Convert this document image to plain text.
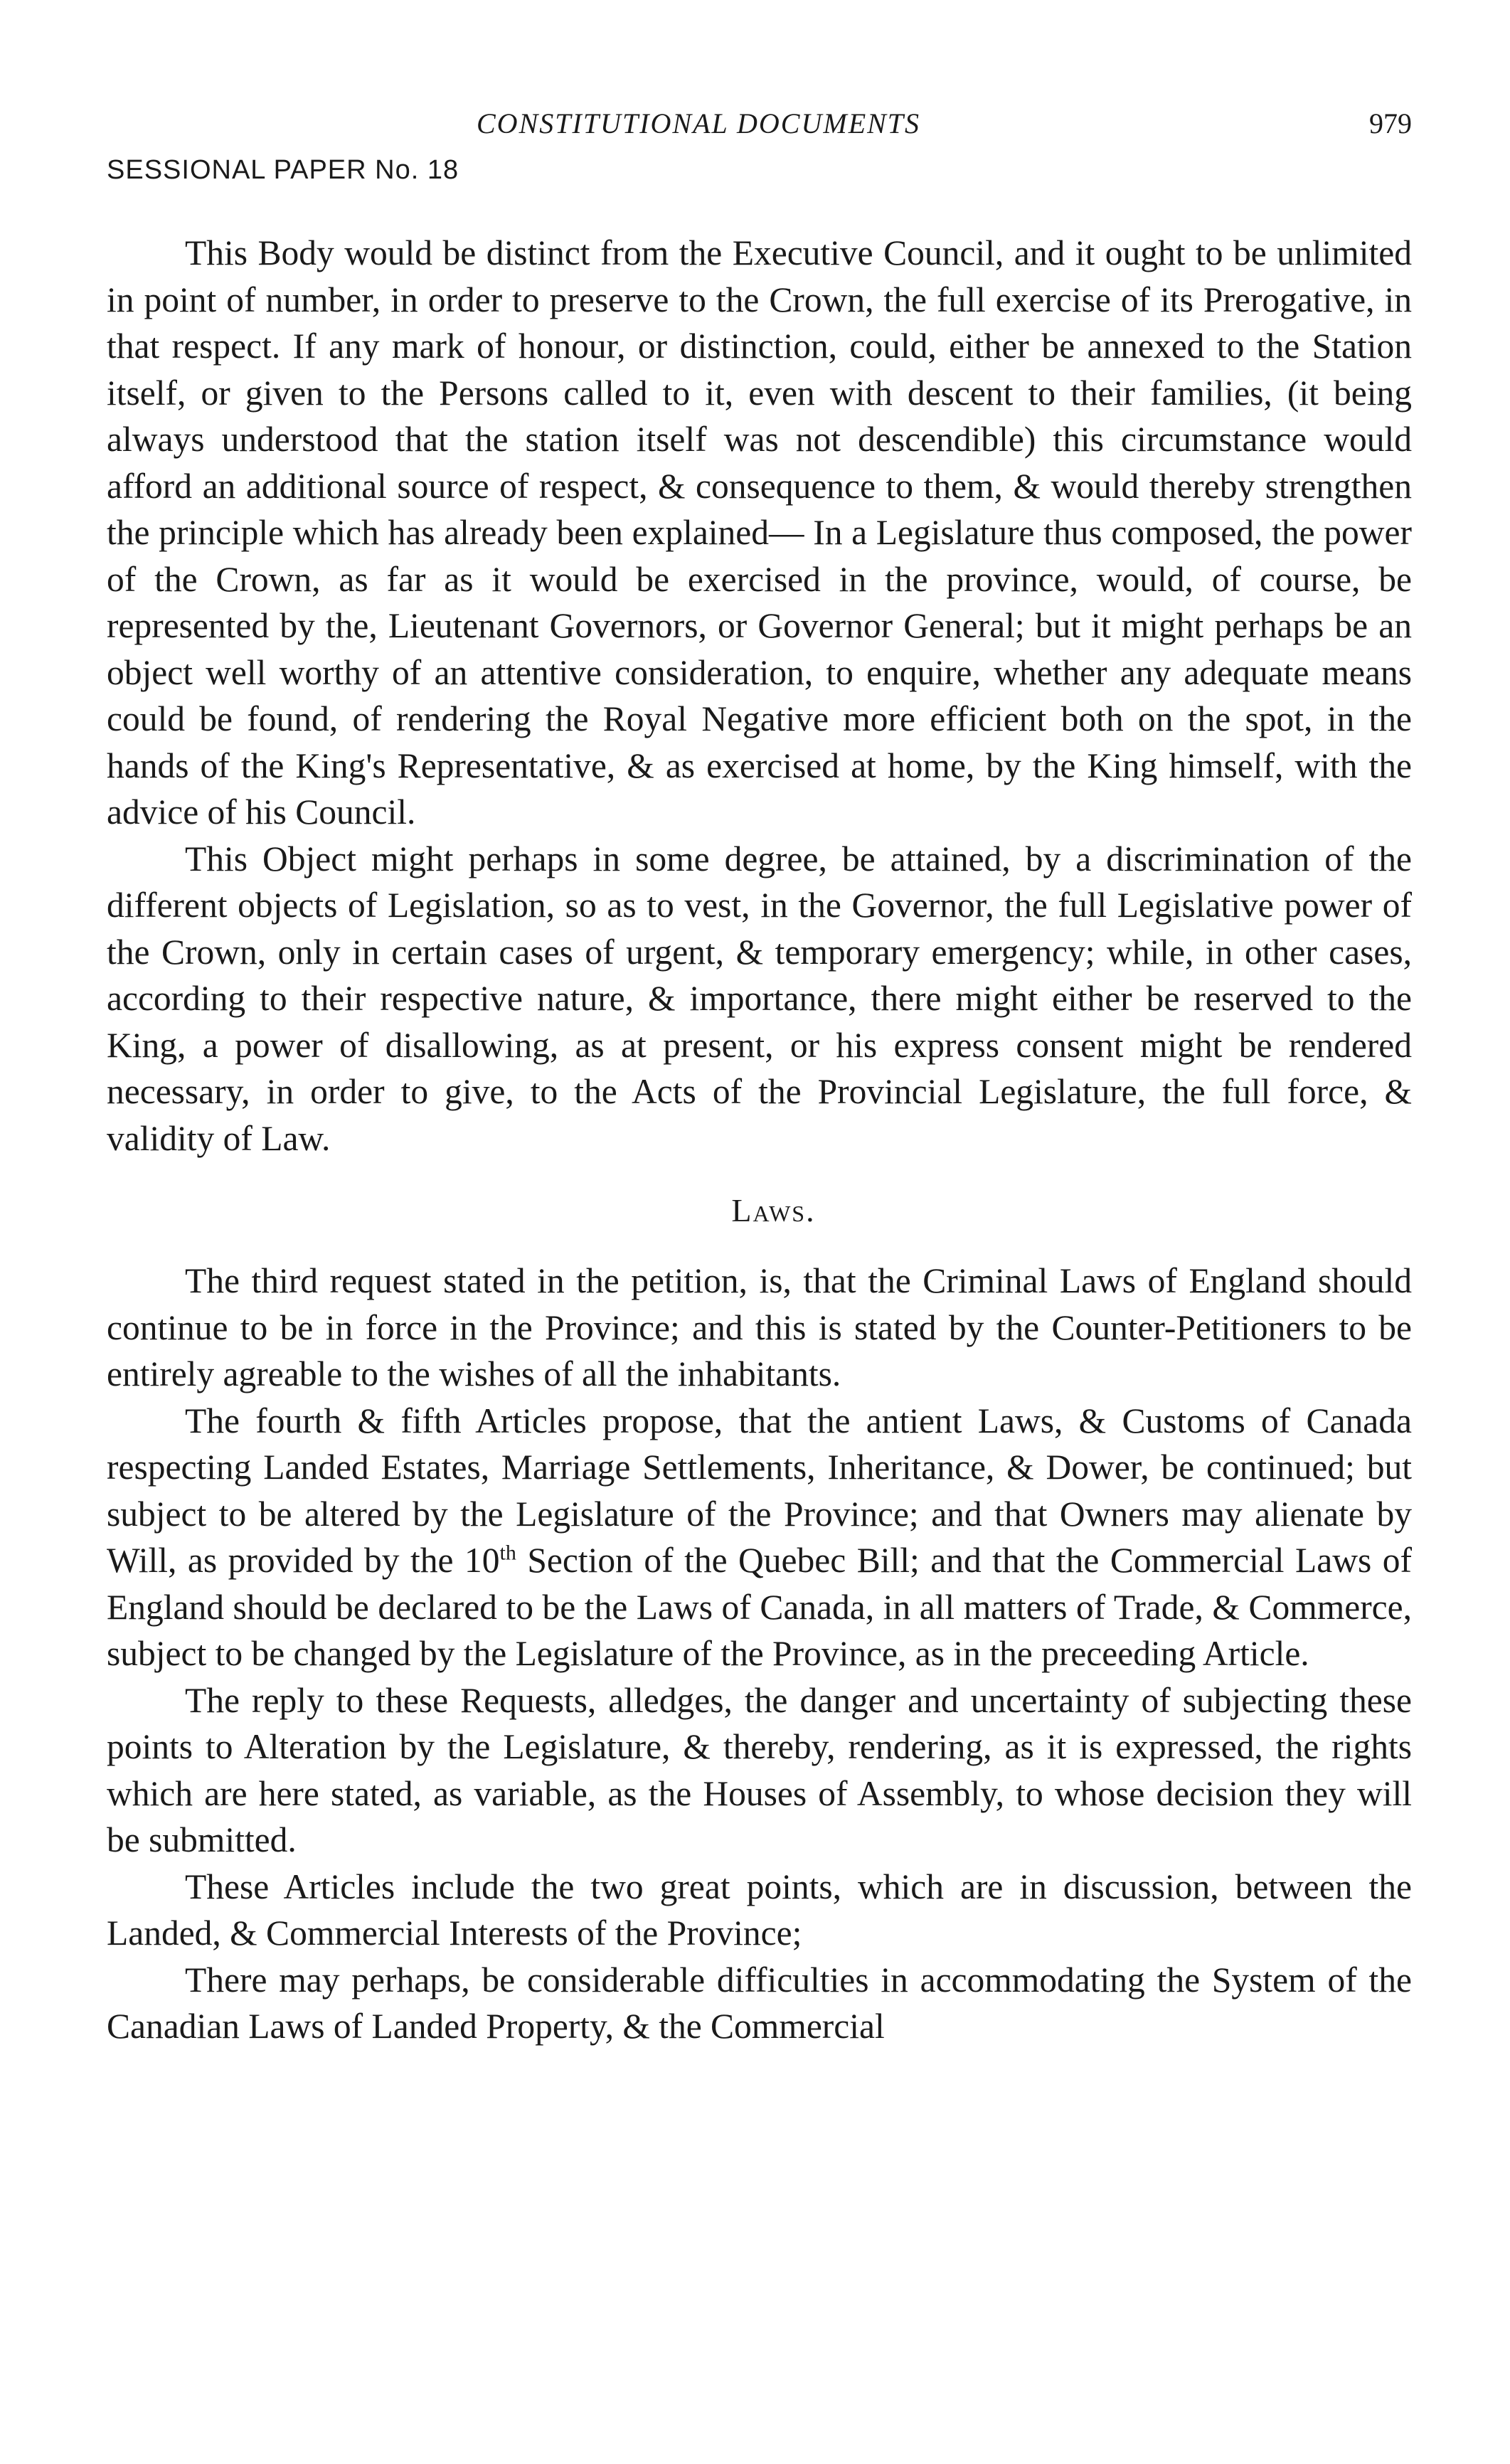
CONSTITUTIONAL DOCUMENTS	979
SESSIONAL PAPER No. 18

This Body would be distinct from the Executive Council, and it ought to be unlimited in point of number, in order to preserve to the Crown, the full exercise of its Prerogative, in that respect. If any mark of honour, or distinction, could, either be annexed to the Station itself, or given to the Persons called to it, even with descent to their families, (it being always understood that the station itself was not descendible) this circumstance would afford an additional source of respect, & consequence to them, & would thereby strengthen the principle which has already been explained— In a Legislature thus composed, the power of the Crown, as far as it would be exercised in the province, would, of course, be represented by the, Lieutenant Governors, or Governor General; but it might perhaps be an object well worthy of an attentive consideration, to enquire, whether any adequate means could be found, of rendering the Royal Negative more efficient both on the spot, in the hands of the King's Representative, & as exercised at home, by the King himself, with the advice of his Council.

This Object might perhaps in some degree, be attained, by a discrimination of the different objects of Legislation, so as to vest, in the Governor, the full Legislative power of the Crown, only in certain cases of urgent, & temporary emergency; while, in other cases, according to their respective nature, & importance, there might either be reserved to the King, a power of disallowing, as at present, or his express consent might be rendered necessary, in order to give, to the Acts of the Provincial Legislature, the full force, & validity of Law.

Laws.

The third request stated in the petition, is, that the Criminal Laws of England should continue to be in force in the Province; and this is stated by the Counter-Petitioners to be entirely agreable to the wishes of all the inhabitants.

The fourth & fifth Articles propose, that the antient Laws, & Customs of Canada respecting Landed Estates, Marriage Settlements, Inheritance, & Dower, be continued; but subject to be altered by the Legislature of the Province; and that Owners may alienate by Will, as provided by the 10th Section of the Quebec Bill; and that the Commercial Laws of England should be declared to be the Laws of Canada, in all matters of Trade, & Commerce, subject to be changed by the Legislature of the Province, as in the preceeding Article.

The reply to these Requests, alledges, the danger and uncertainty of subjecting these points to Alteration by the Legislature, & thereby, rendering, as it is expressed, the rights which are here stated, as variable, as the Houses of Assembly, to whose decision they will be submitted.

These Articles include the two great points, which are in discussion, between the Landed, & Commercial Interests of the Province;

There may perhaps, be considerable difficulties in accommodating the System of the Canadian Laws of Landed Property, & the Commercial
